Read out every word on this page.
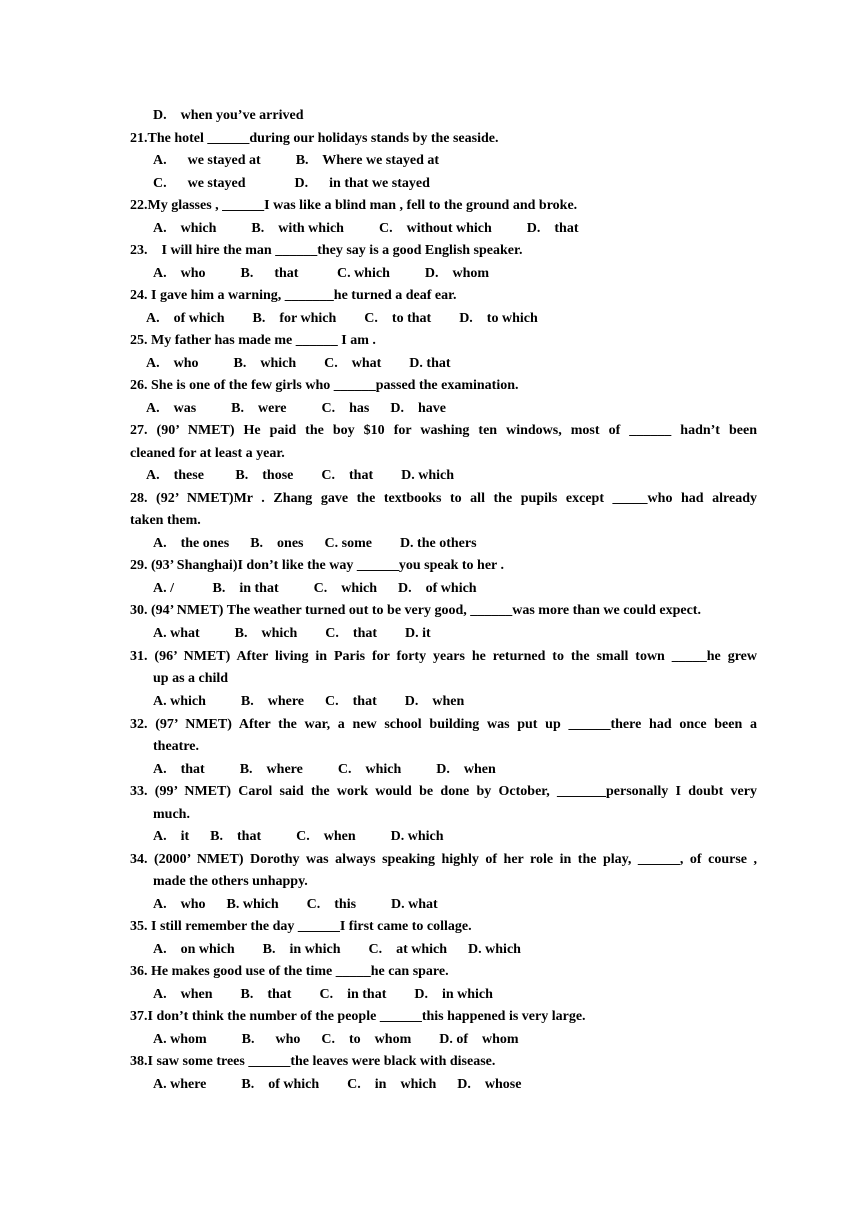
D.    when you’ve arrived
21.The hotel ______during our holidays stands by the seaside.
A.      we stayed at          B.    Where we stayed at
C.      we stayed              D.      in that we stayed
22.My glasses , ______I was like a blind man , fell to the ground and broke.
A.    which          B.    with which          C.    without which          D.    that
23.    I will hire the man ______they say is a good English speaker.
A.    who          B.      that           C. which          D.    whom
24. I gave him a warning, _______he turned a deaf ear.
A.    of which        B.    for which        C.    to that        D.    to which
25. My father has made me ______ I am .
A.    who          B.    which        C.    what        D. that
26. She is one of the few girls who ______passed the examination.
A.    was          B.    were          C.    has      D.    have
27. (90’ NMET) He paid the boy $10 for washing ten windows, most of ______ hadn’t been
cleaned for at least a year.
A.    these         B.    those        C.    that        D. which
28. (92’ NMET)Mr . Zhang gave the textbooks to all the pupils except _____who had already
taken them.
A.    the ones      B.    ones      C. some        D. the others
29. (93’ Shanghai)I don’t like the way ______you speak to her .
A. /           B.    in that          C.    which      D.    of which
30. (94’ NMET) The weather turned out to be very good, ______was more than we could expect.
A. what          B.    which        C.    that        D. it
31. (96’ NMET) After living in Paris for forty years he returned to the small town _____he grew
up as a child
A. which          B.    where      C.    that        D.    when
32. (97’ NMET) After the war, a new school building was put up ______there had once been a
theatre.
A.    that          B.    where          C.    which          D.    when
33. (99’ NMET) Carol said the work would be done by October, _______personally I doubt very
much.
A.    it      B.    that          C.    when          D. which
34. (2000’ NMET) Dorothy was always speaking highly of her role in the play, ______, of course ,
made the others unhappy.
A.    who      B. which        C.    this          D. what
35. I still remember the day ______I first came to collage.
A.    on which        B.    in which        C.    at which      D. which
36. He makes good use of the time _____he can spare.
A.    when        B.    that        C.    in that        D.    in which
37.I don’t think the number of the people ______this happened is very large.
A. whom          B.      who      C.    to    whom        D. of    whom
38.I saw some trees ______the leaves were black with disease.
A. where          B.    of which        C.    in    which      D.    whose
